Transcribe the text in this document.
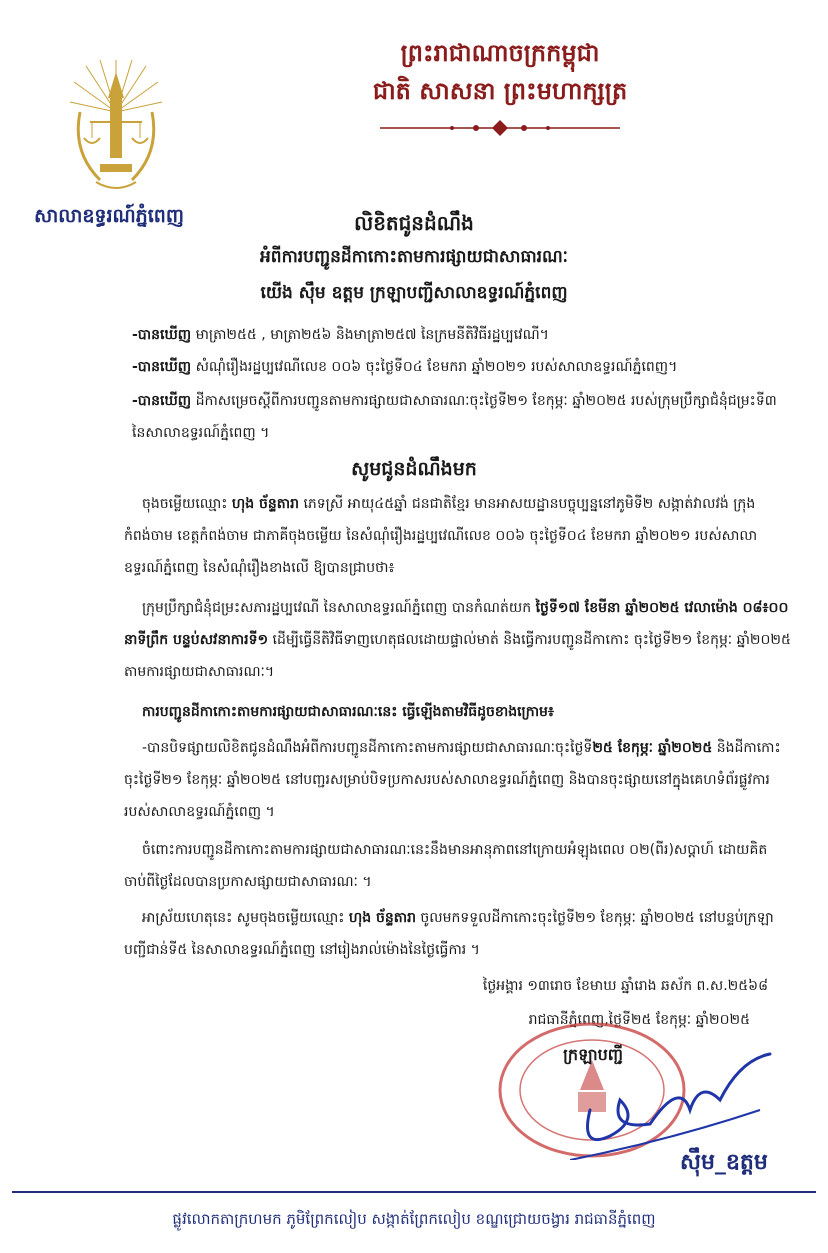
ព្រះរាជាណាចក្រកម្ពុជា
ជាតិ សាសនា ព្រះមហាក្សត្រ
សាលាឧទ្ធរណ៍ភ្នំពេញ	លិខិតជូនដំណឹង
អំពីការបញ្ជូនដីកាកោះតាមការផ្សាយជាសាធារណៈ
យើង ស៊ឹម ឧត្តម ក្រឡាបញ្ជីសាលាឧទ្ធរណ៍ភ្នំពេញ
-បានឃើញ មាត្រា២៥៥ , មាត្រា២៥៦ និងមាត្រា២៥៧ នៃក្រមនីតិវិធីរដ្ឋប្បវេណី។
-បានឃើញ សំណុំរឿងរដ្ឋប្បវេណីលេខ ០០៦ ចុះថ្ងៃទី០៤ ខែមករា ឆ្នាំ២០២១ របស់សាលាឧទ្ធរណ៍ភ្នំពេញ។
-បានឃើញ ដីកាសម្រេចស្តីពីការបញ្ជូនតាមការផ្សាយជាសាធារណៈចុះថ្ងៃទី២១ ខែកុម្ភៈ ឆ្នាំ២០២៥ របស់ក្រុមប្រឹក្សាជំនុំជម្រះទី៣ នៃសាលាឧទ្ធរណ៍ភ្នំពេញ ។
សូមជូនដំណឹងមក
ចុងចម្លើយឈ្មោះ ហុង ច័ន្ទតារា ភេទស្រី អាយុ៤៥ឆ្នាំ ជនជាតិខ្មែរ មានអាសយដ្ឋានបច្ចុប្បន្ននៅភូមិទី២ សង្កាត់វាលវង់ ក្រុងកំពង់ចាម ខេត្តកំពង់ចាម ជាភាគីចុងចម្លើយ នៃសំណុំរឿងរដ្ឋប្បវេណីលេខ ០០៦ ចុះថ្ងៃទី០៤ ខែមករា ឆ្នាំ២០២១ របស់សាលាឧទ្ធរណ៍ភ្នំពេញ នៃសំណុំរឿងខាងលើ ឱ្យបានជ្រាបថា៖
ក្រុមប្រឹក្សាជំនុំជម្រះសភារដ្ឋប្បវេណី នៃសាលាឧទ្ធរណ៍ភ្នំពេញ បានកំណត់យក ថ្ងៃទី១៧ ខែមីនា ឆ្នាំ២០២៥ វេលាម៉ោង ០៨៖០០ នាទីព្រឹក បន្ទប់សវនាការទី១ ដើម្បីធ្វើនីតិវិធីទាញហេតុផលដោយផ្ទាល់មាត់ និងធ្វើការបញ្ជូនដីកាកោះ ចុះថ្ងៃទី២១ ខែកុម្ភៈ ឆ្នាំ២០២៥ តាមការផ្សាយជាសាធារណៈ។
ការបញ្ជូនដីកាកោះតាមការផ្សាយជាសាធារណៈនេះ ធ្វើឡើងតាមវិធីដូចខាងក្រោម៖
-បានបិទផ្សាយលិខិតជូនដំណឹងអំពីការបញ្ជូនដីកាកោះតាមការផ្សាយជាសាធារណៈចុះថ្ងៃទី២៥ ខែកុម្ភៈ ឆ្នាំ២០២៥ និងដីកាកោះចុះថ្ងៃទី២១ ខែកុម្ភៈ ឆ្នាំ២០២៥ នៅបញ្ជរសម្រាប់បិទប្រកាសរបស់សាលាឧទ្ធរណ៍ភ្នំពេញ និងបានចុះផ្សាយនៅក្នុងគេហទំព័រផ្លូវការរបស់សាលាឧទ្ធរណ៍ភ្នំពេញ ។
ចំពោះការបញ្ជូនដីកាកោះតាមការផ្សាយជាសាធារណៈនេះនឹងមានអានុភាពនៅក្រោយអំឡុងពេល ០២(ពីរ)សប្តាហ៍ ដោយគិតចាប់ពីថ្ងៃដែលបានប្រកាសផ្សាយជាសាធារណៈ ។
អាស្រ័យហេតុនេះ សូមចុងចម្លើយឈ្មោះ ហុង ច័ន្ទតារា ចូលមកទទួលដីកាកោះចុះថ្ងៃទី២១ ខែកុម្ភៈ ឆ្នាំ២០២៥ នៅបន្ទប់ក្រឡា បញ្ជីជាន់ទី៥ នៃសាលាឧទ្ធរណ៍ភ្នំពេញ នៅរៀងរាល់ម៉ោងនៃថ្ងៃធ្វើការ ។
ថ្ងៃអង្គារ ១៣រោច ខែមាឃ ឆ្នាំរោង ឆស័ក ព.ស.២៥៦៨
រាជធានីភ្នំពេញ,ថ្ងៃទី២៥ ខែកុម្ភៈ ឆ្នាំ២០២៥
ក្រឡាបញ្ជី
ស៊ឹម_ឧត្តម
ផ្លូវលោកតាក្រហមក ភូមិព្រែកលៀប សង្កាត់ព្រែកលៀប ខណ្ឌជ្រោយចង្វារ រាជធានីភ្នំពេញ
